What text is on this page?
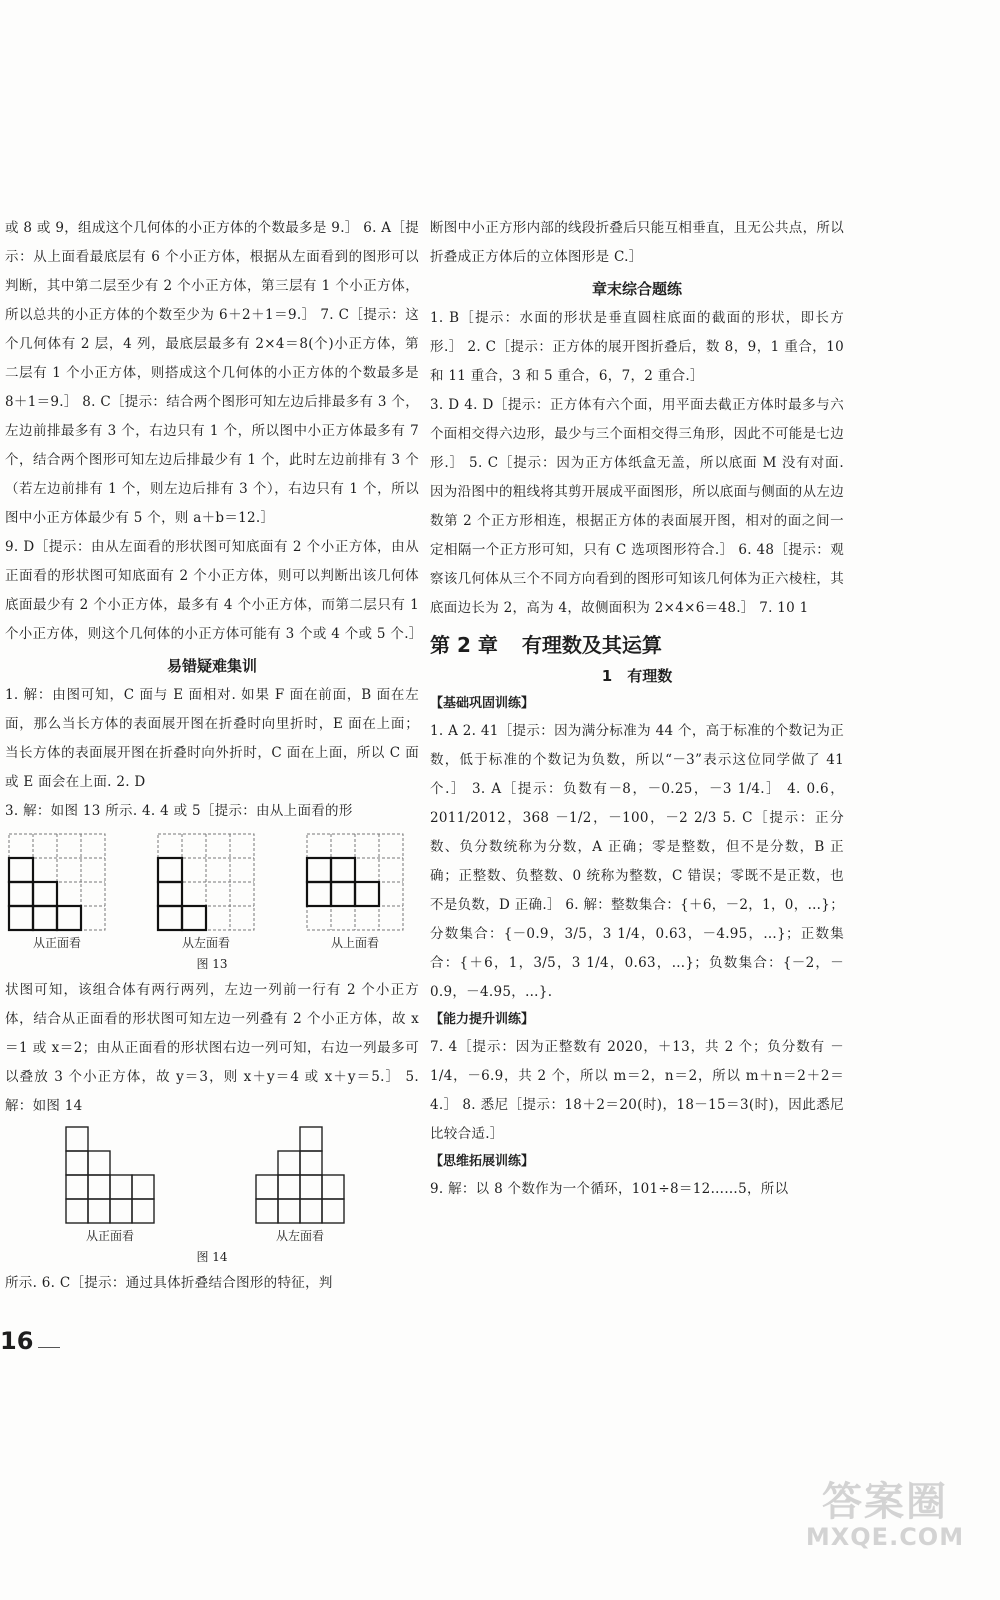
或 8 或 9，组成这个几何体的小正方体的个数最多是 9.］ 6. A［提示：从上面看最底层有 6 个小正方体，根据从左面看到的图形可以判断，其中第二层至少有 2 个小正方体，第三层有 1 个小正方体，所以总共的小正方体的个数至少为 6＋2＋1＝9.］ 7. C［提示：这个几何体有 2 层，4 列，最底层最多有 2×4＝8(个)小正方体，第二层有 1 个小正方体，则搭成这个几何体的小正方体的个数最多是 8＋1＝9.］ 8. C［提示：结合两个图形可知左边后排最多有 3 个，左边前排最多有 3 个，右边只有 1 个，所以图中小正方体最多有 7 个，结合两个图形可知左边后排最少有 1 个，此时左边前排有 3 个（若左边前排有 1 个，则左边后排有 3 个），右边只有 1 个，所以图中小正方体最少有 5 个，则 a＋b＝12.］

9. D［提示：由从左面看的形状图可知底面有 2 个小正方体，由从正面看的形状图可知底面有 2 个小正方体，则可以判断出该几何体底面最少有 2 个小正方体，最多有 4 个小正方体，而第二层只有 1 个小正方体，则这个几何体的小正方体可能有 3 个或 4 个或 5 个.］

易错疑难集训

1. 解：由图可知，C 面与 E 面相对. 如果 F 面在前面，B 面在左面，那么当长方体的表面展开图在折叠时向里折时，E 面在上面；当长方体的表面展开图在折叠时向外折时，C 面在上面，所以 C 面或 E 面会在上面. 2. D

3. 解：如图 13 所示. 4. 4 或 5［提示：由从上面看的形

从正面看	从左面看	从上面看
图 13

状图可知，该组合体有两行两列，左边一列前一行有 2 个小正方体，结合从正面看的形状图可知左边一列叠有 2 个小正方体，故 x＝1 或 x＝2；由从正面看的形状图右边一列可知，右边一列最多可以叠放 3 个小正方体，故 y＝3，则 x＋y＝4 或 x＋y＝5.］ 5. 解：如图 14

从正面看	从左面看
图 14

所示. 6. C［提示：通过具体折叠结合图形的特征，判

断图中小正方形内部的线段折叠后只能互相垂直，且无公共点，所以折叠成正方体后的立体图形是 C.］

章末综合题练

1. B［提示：水面的形状是垂直圆柱底面的截面的形状，即长方形.］ 2. C［提示：正方体的展开图折叠后，数 8，9，1 重合，10 和 11 重合，3 和 5 重合，6，7，2 重合.］

3. D 4. D［提示：正方体有六个面，用平面去截正方体时最多与六个面相交得六边形，最少与三个面相交得三角形，因此不可能是七边形.］ 5. C［提示：因为正方体纸盒无盖，所以底面 M 没有对面. 因为沿图中的粗线将其剪开展成平面图形，所以底面与侧面的从左边数第 2 个正方形相连，根据正方体的表面展开图，相对的面之间一定相隔一个正方形可知，只有 C 选项图形符合.］ 6. 48［提示：观察该几何体从三个不同方向看到的图形可知该几何体为正六棱柱，其底面边长为 2，高为 4，故侧面积为 2×4×6＝48.］ 7. 10 1

第 2 章 有理数及其运算

1　有理数

【基础巩固训练】

1. A 2. 41［提示：因为满分标准为 44 个，高于标准的个数记为正数，低于标准的个数记为负数，所以“－3”表示这位同学做了 41 个.］ 3. A［提示：负数有－8，－0.25，－3 1/4.］ 4. 0.6，2011/2012，368 －1/2，－100，－2 2/3 5. C［提示：正分数、负分数统称为分数，A 正确；零是整数，但不是分数，B 正确；正整数、负整数、0 统称为整数，C 错误；零既不是正数，也不是负数，D 正确.］ 6. 解：整数集合：{＋6，－2，1，0，…}；分数集合：{－0.9，3/5，3 1/4，0.63，－4.95，…}；正数集合：{＋6，1，3/5，3 1/4，0.63，…}；负数集合：{－2，－0.9，－4.95，…}.

【能力提升训练】

7. 4［提示：因为正整数有 2020，＋13，共 2 个；负分数有 －1/4，－6.9，共 2 个，所以 m＝2，n＝2，所以 m＋n＝2＋2＝4.］ 8. 悉尼［提示：18＋2＝20(时)，18－15＝3(时)，因此悉尼比较合适.］

【思维拓展训练】

9. 解：以 8 个数作为一个循环，101÷8＝12……5，所以

16
答案圈
MXQE.COM
